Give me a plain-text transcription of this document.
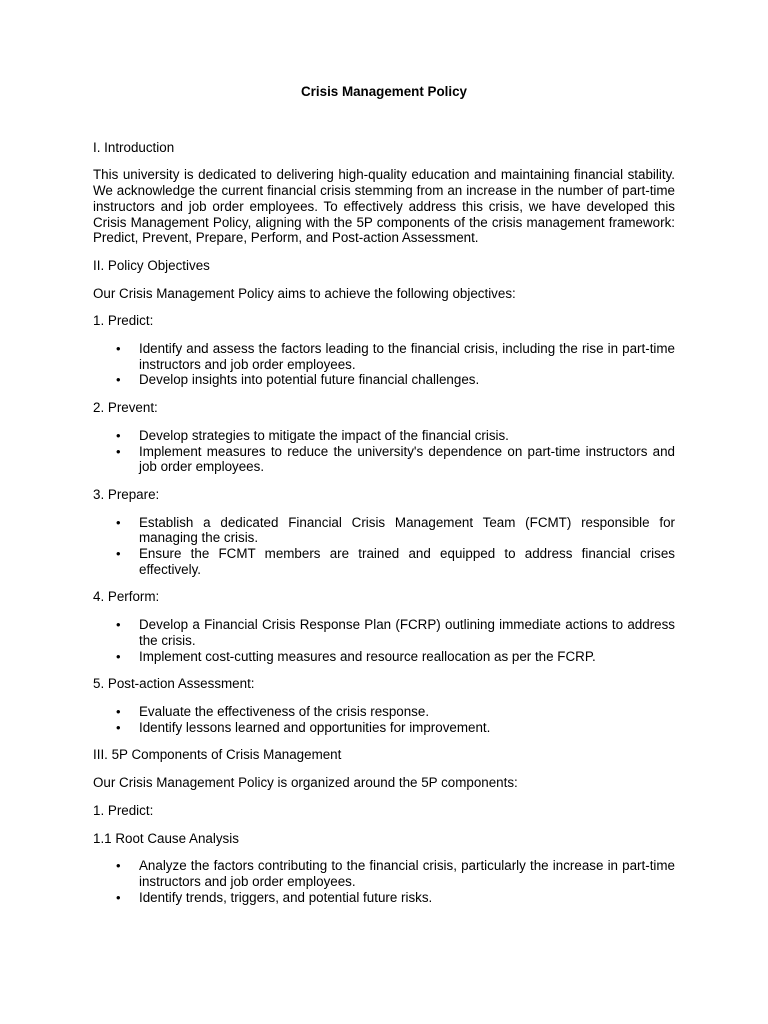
Crisis Management Policy

I. Introduction

This university is dedicated to delivering high-quality education and maintaining financial stability. We acknowledge the current financial crisis stemming from an increase in the number of part-time instructors and job order employees. To effectively address this crisis, we have developed this Crisis Management Policy, aligning with the 5P components of the crisis management framework: Predict, Prevent, Prepare, Perform, and Post-action Assessment.

II. Policy Objectives

Our Crisis Management Policy aims to achieve the following objectives:

1. Predict:

• Identify and assess the factors leading to the financial crisis, including the rise in part-time instructors and job order employees.
• Develop insights into potential future financial challenges.

2. Prevent:

• Develop strategies to mitigate the impact of the financial crisis.
• Implement measures to reduce the university's dependence on part-time instructors and job order employees.

3. Prepare:

• Establish a dedicated Financial Crisis Management Team (FCMT) responsible for managing the crisis.
• Ensure the FCMT members are trained and equipped to address financial crises effectively.

4. Perform:

• Develop a Financial Crisis Response Plan (FCRP) outlining immediate actions to address the crisis.
• Implement cost-cutting measures and resource reallocation as per the FCRP.

5. Post-action Assessment:

• Evaluate the effectiveness of the crisis response.
• Identify lessons learned and opportunities for improvement.

III. 5P Components of Crisis Management

Our Crisis Management Policy is organized around the 5P components:

1. Predict:

1.1 Root Cause Analysis

• Analyze the factors contributing to the financial crisis, particularly the increase in part-time instructors and job order employees.
• Identify trends, triggers, and potential future risks.
